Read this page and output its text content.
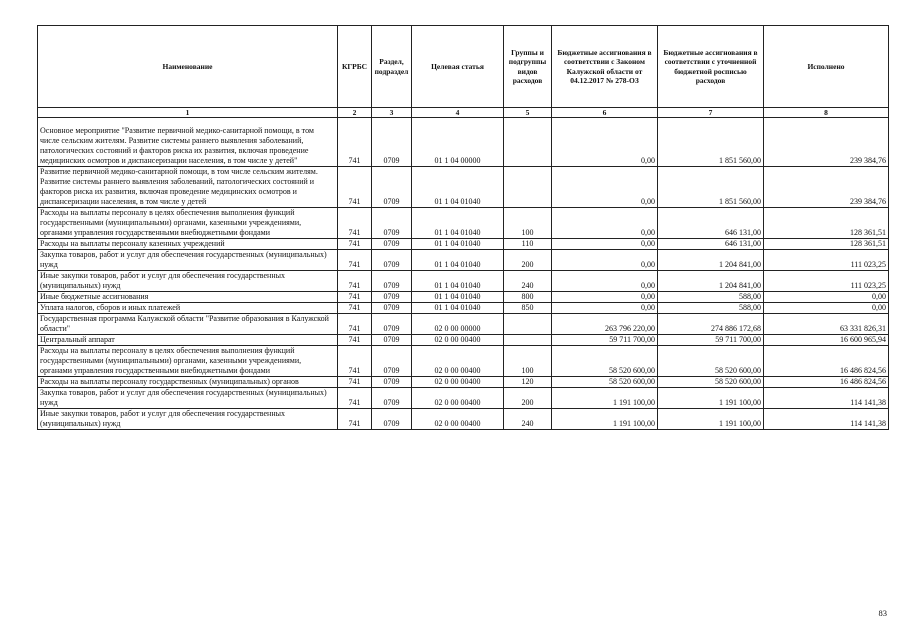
Наименование	КГРБС	Раздел, подраздел	Целевая статья	Группы и подгруппы видов расходов	Бюджетные ассигнования в соответствии с Законом Калужской области от 04.12.2017 № 278-ОЗ	Бюджетные ассигнования в соответствии с уточненной бюджетной росписью расходов	Исполнено
1	2	3	4	5	6	7	8
Основное мероприятие "Развитие первичной медико-санитарной помощи, в том числе сельским жителям. Развитие системы раннего выявления заболеваний, патологических состояний и факторов риска их развития, включая проведение медицинских осмотров и диспансеризации населения, в том числе у детей"	741	0709	01 1 04 00000		0,00	1 851 560,00	239 384,76
Развитие первичной медико-санитарной помощи, в том числе сельским жителям. Развитие системы раннего выявления заболеваний, патологических состояний и факторов риска их развития, включая проведение медицинских осмотров и диспансеризации населения, в том числе у детей	741	0709	01 1 04 01040		0,00	1 851 560,00	239 384,76
Расходы на выплаты персоналу в целях обеспечения выполнения функций государственными (муниципальными) органами, казенными учреждениями, органами управления государственными внебюджетными фондами	741	0709	01 1 04 01040	100	0,00	646 131,00	128 361,51
Расходы на выплаты персоналу казенных учреждений	741	0709	01 1 04 01040	110	0,00	646 131,00	128 361,51
Закупка товаров, работ и услуг для обеспечения государственных (муниципальных) нужд	741	0709	01 1 04 01040	200	0,00	1 204 841,00	111 023,25
Иные закупки товаров, работ и услуг для обеспечения государственных (муниципальных) нужд	741	0709	01 1 04 01040	240	0,00	1 204 841,00	111 023,25
Иные бюджетные ассигнования	741	0709	01 1 04 01040	800	0,00	588,00	0,00
Уплата налогов, сборов и иных платежей	741	0709	01 1 04 01040	850	0,00	588,00	0,00
Государственная программа Калужской области "Развитие образования в Калужской области"	741	0709	02 0 00 00000		263 796 220,00	274 886 172,68	63 331 826,31
Центральный аппарат	741	0709	02 0 00 00400		59 711 700,00	59 711 700,00	16 600 965,94
Расходы на выплаты персоналу в целях обеспечения выполнения функций государственными (муниципальными) органами, казенными учреждениями, органами управления государственными внебюджетными фондами	741	0709	02 0 00 00400	100	58 520 600,00	58 520 600,00	16 486 824,56
Расходы на выплаты персоналу государственных (муниципальных) органов	741	0709	02 0 00 00400	120	58 520 600,00	58 520 600,00	16 486 824,56
Закупка товаров, работ и услуг для обеспечения государственных (муниципальных) нужд	741	0709	02 0 00 00400	200	1 191 100,00	1 191 100,00	114 141,38
Иные закупки товаров, работ и услуг для обеспечения государственных (муниципальных) нужд	741	0709	02 0 00 00400	240	1 191 100,00	1 191 100,00	114 141,38
83
